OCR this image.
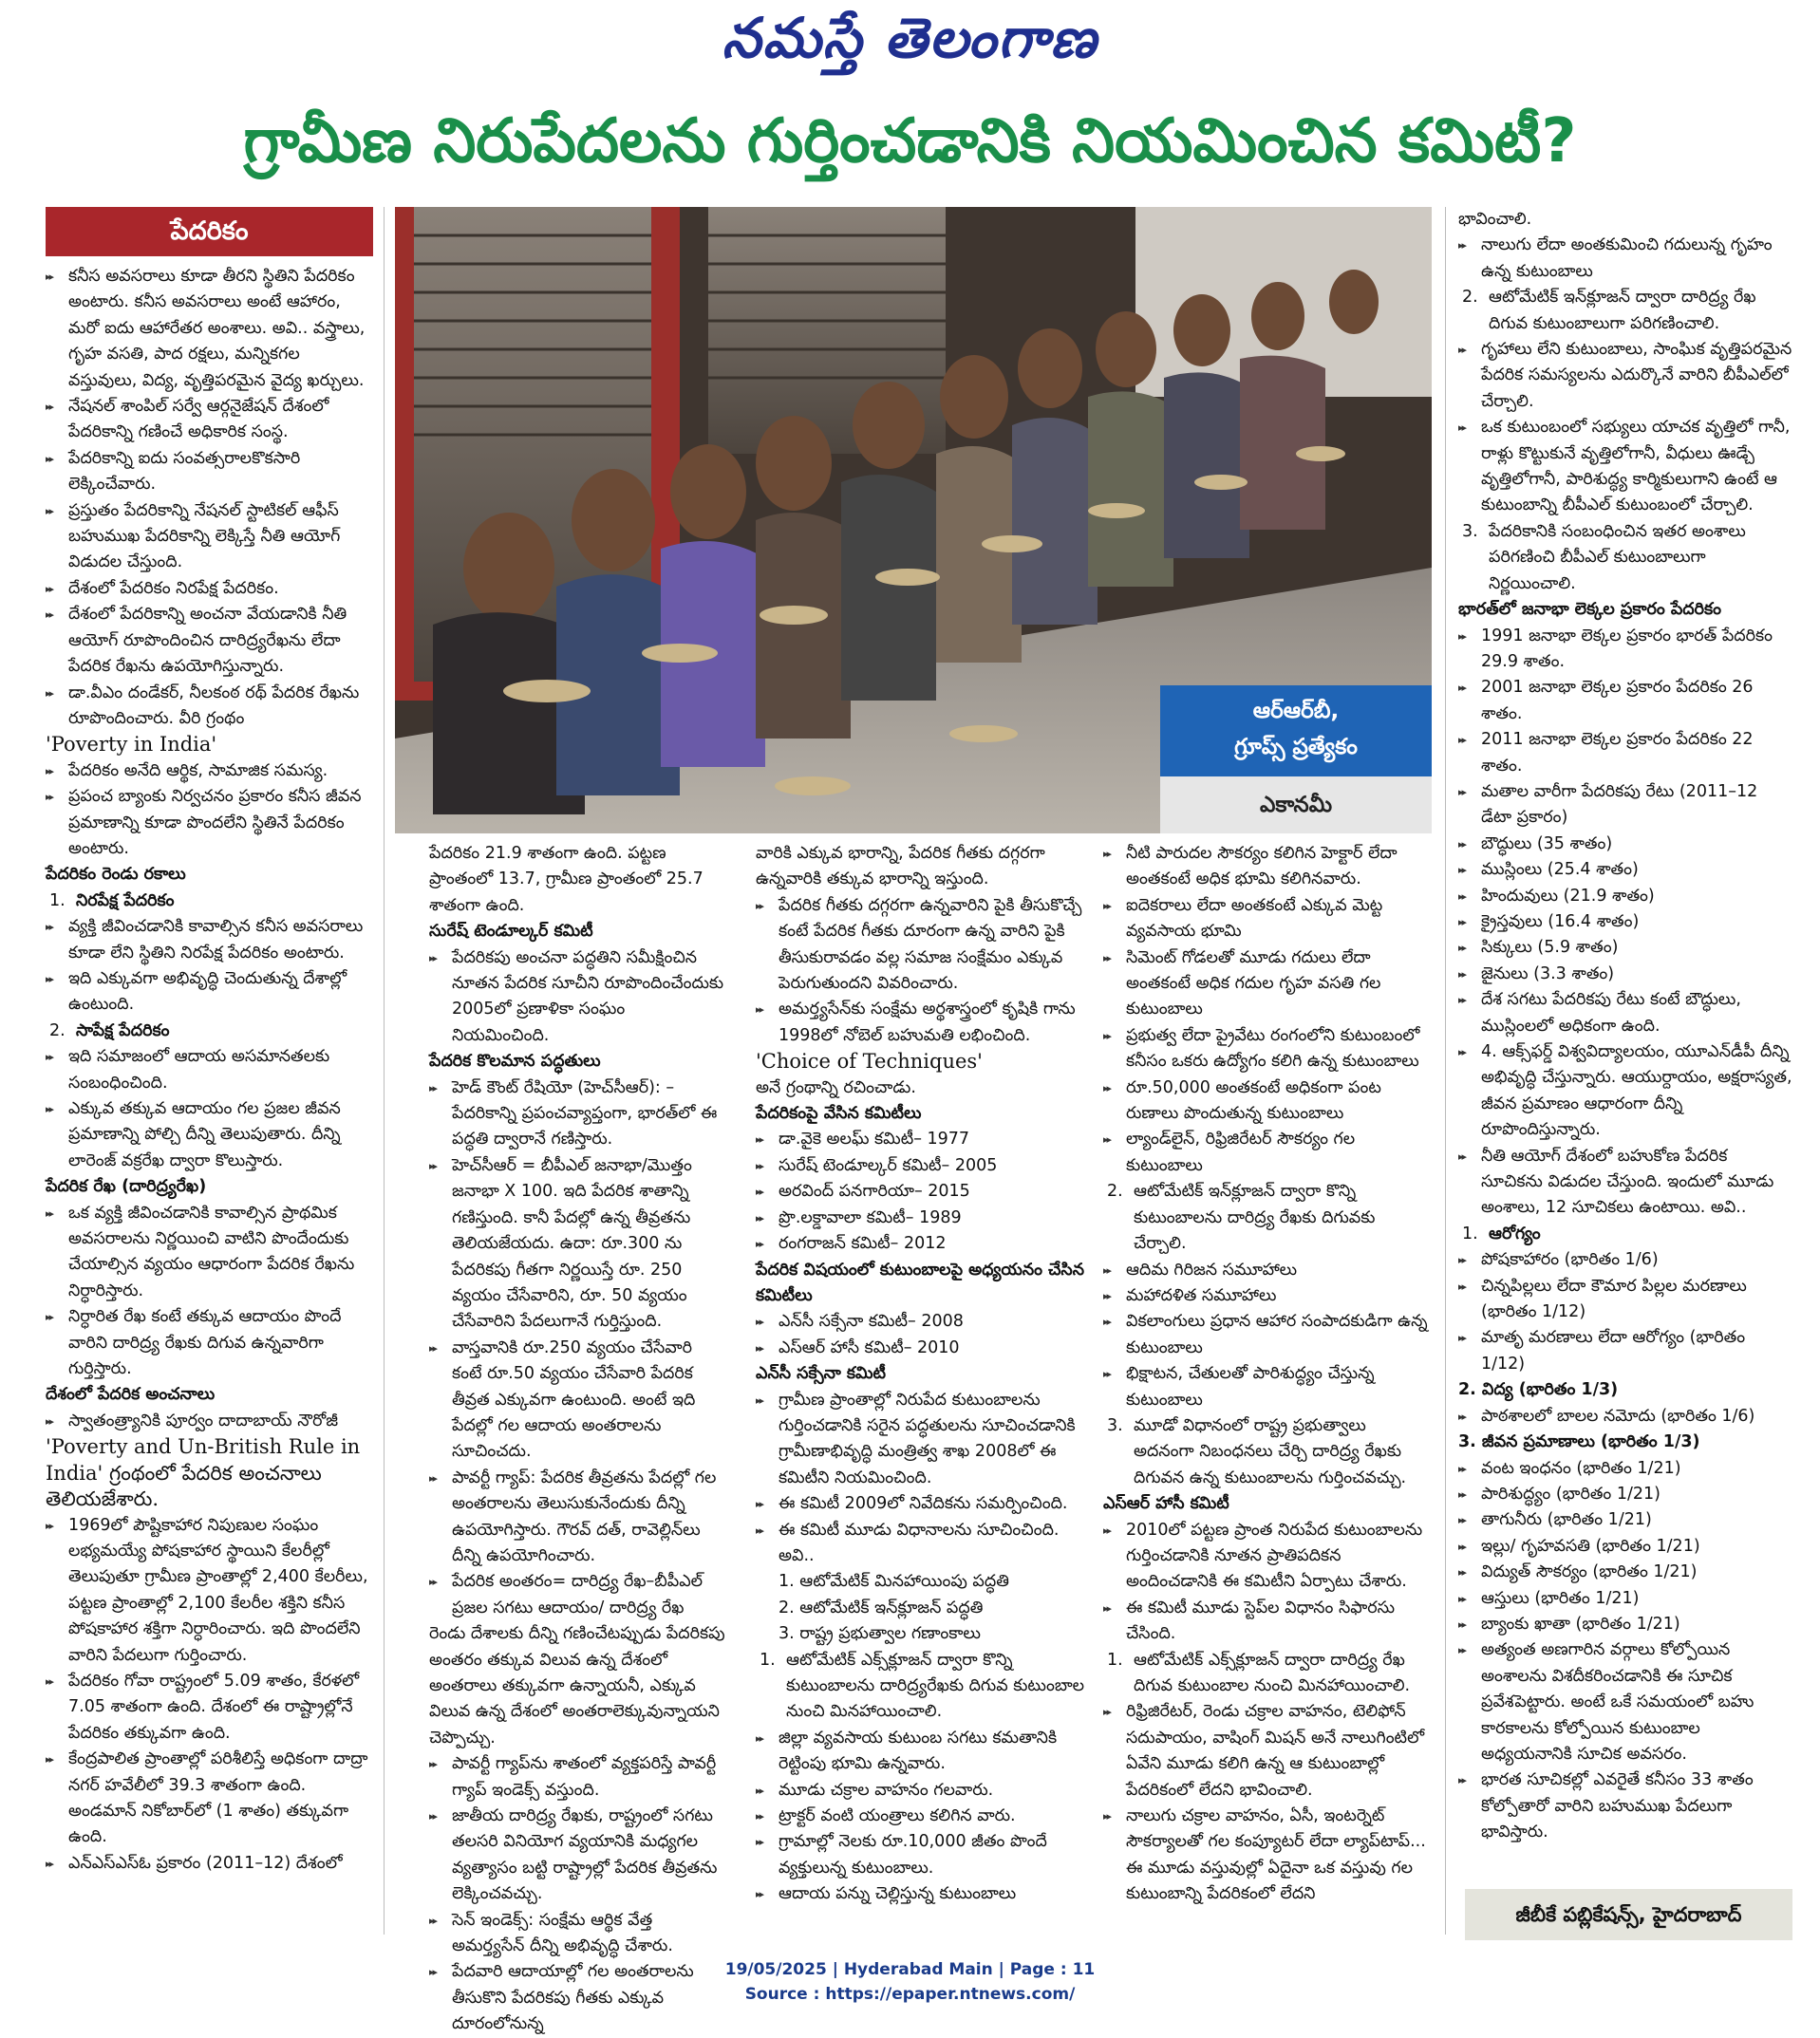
నమస్తే తెలంగాణ
గ్రామీణ నిరుపేదలను గుర్తించడానికి నియమించిన కమిటీ?
పేదరికం
▸▸ కనీస అవసరాలు కూడా తీరని స్థితిని పేదరికం అంటారు. కనీస అవసరాలు అంటే ఆహారం, మరో ఐదు ఆహారేతర అంశాలు. అవి.. వస్త్రాలు, గృహ వసతి, పాద రక్షలు, మన్నికగల వస్తువులు, విద్య, వృత్తిపరమైన వైద్య ఖర్చులు.
▸▸ నేషనల్ శాంపిల్ సర్వే ఆర్గనైజేషన్ దేశంలో పేదరికాన్ని గణించే అధికారిక సంస్థ.
▸▸ పేదరికాన్ని ఐదు సంవత్సరాలకొకసారి లెక్కించేవారు.
▸▸ ప్రస్తుతం పేదరికాన్ని నేషనల్ స్టాటికల్ ఆఫీస్ బహుముఖ పేదరికాన్ని లెక్కిస్తే నీతి ఆయోగ్ విడుదల చేస్తుంది.
▸▸ దేశంలో పేదరికం నిరపేక్ష పేదరికం.
▸▸ దేశంలో పేదరికాన్ని అంచనా వేయడానికి నీతి ఆయోగ్ రూపొందించిన దారిద్ర్యరేఖను లేదా పేదరిక రేఖను ఉపయోగిస్తున్నారు.
▸▸ డా.వీఎం దండేకర్, నీలకంఠ రథ్ పేదరిక రేఖను రూపొందించారు. వీరి గ్రంథం
'Poverty in India'
▸▸ పేదరికం అనేది ఆర్థిక, సామాజిక సమస్య.
▸▸ ప్రపంచ బ్యాంకు నిర్వచనం ప్రకారం కనీస జీవన ప్రమాణాన్ని కూడా పొందలేని స్థితినే పేదరికం అంటారు.
పేదరికం రెండు రకాలు
1. నిరపేక్ష పేదరికం
▸▸ వ్యక్తి జీవించడానికి కావాల్సిన కనీస అవసరాలు కూడా లేని స్థితిని నిరపేక్ష పేదరికం అంటారు.
▸▸ ఇది ఎక్కువగా అభివృద్ధి చెందుతున్న దేశాల్లో ఉంటుంది.
2. సాపేక్ష పేదరికం
▸▸ ఇది సమాజంలో ఆదాయ అసమానతలకు సంబంధించింది.
▸▸ ఎక్కువ తక్కువ ఆదాయం గల ప్రజల జీవన ప్రమాణాన్ని పోల్చి దీన్ని తెలుపుతారు. దీన్ని లారెంజ్ వక్రరేఖ ద్వారా కొలుస్తారు.
పేదరిక రేఖ (దారిద్ర్యరేఖ)
▸▸ ఒక వ్యక్తి జీవించడానికి కావాల్సిన ప్రాథమిక అవసరాలను నిర్ణయించి వాటిని పొందేందుకు చేయాల్సిన వ్యయం ఆధారంగా పేదరిక రేఖను నిర్ధారిస్తారు.
▸▸ నిర్ధారిత రేఖ కంటే తక్కువ ఆదాయం పొందే వారిని దారిద్ర్య రేఖకు దిగువ ఉన్నవారిగా గుర్తిస్తారు.
దేశంలో పేదరిక అంచనాలు
▸▸ స్వాతంత్ర్యానికి పూర్వం దాదాబాయ్ నౌరోజీ
'Poverty and Un-British Rule in India' గ్రంథంలో పేదరిక అంచనాలు తెలియజేశారు.
▸▸ 1969లో పౌష్టికాహార నిపుణుల సంఘం లభ్యమయ్యే పోషకాహార స్థాయిని కేలరీల్లో తెలుపుతూ గ్రామీణ ప్రాంతాల్లో 2,400 కేలరీలు, పట్టణ ప్రాంతాల్లో 2,100 కేలరీల శక్తిని కనీస పోషకాహార శక్తిగా నిర్ధారించారు. ఇది పొందలేని వారిని పేదలుగా గుర్తించారు.
▸▸ పేదరికం గోవా రాష్ట్రంలో 5.09 శాతం, కేరళలో 7.05 శాతంగా ఉంది. దేశంలో ఈ రాష్ట్రాల్లోనే పేదరికం తక్కువగా ఉంది.
▸▸ కేంద్రపాలిత ప్రాంతాల్లో పరిశీలిస్తే అధికంగా దాద్రా నగర్ హవేలీలో 39.3 శాతంగా ఉంది. అండమాన్ నికోబార్‌లో (1 శాతం) తక్కువగా ఉంది.
▸▸ ఎన్ఎస్ఎస్ఓ ప్రకారం (2011–12) దేశంలో
ఆర్ఆర్‌బీ,
గ్రూప్స్ ప్రత్యేకం
ఎకానమీ
పేదరికం 21.9 శాతంగా ఉంది. పట్టణ ప్రాంతంలో 13.7, గ్రామీణ ప్రాంతంలో 25.7 శాతంగా ఉంది.
సురేష్ టెండూల్కర్ కమిటీ
▸▸ పేదరికపు అంచనా పద్ధతిని సమీక్షించిన నూతన పేదరిక సూచీని రూపొందించేందుకు 2005లో ప్రణాళికా సంఘం నియమించింది.
పేదరిక కొలమాన పద్ధతులు
▸▸ హెడ్ కౌంట్ రేషియో (హెచ్‌సీఆర్): – పేదరికాన్ని ప్రపంచవ్యాప్తంగా, భారత్‌లో ఈ పద్ధతి ద్వారానే గణిస్తారు.
▸▸ హెచ్‌సీఆర్ = బీపీఎల్ జనాభా/మొత్తం జనాభా X 100. ఇది పేదరిక శాతాన్ని గణిస్తుంది. కానీ పేదల్లో ఉన్న తీవ్రతను తెలియజేయదు. ఉదా: రూ.300 ను పేదరికపు గీతగా నిర్ణయిస్తే రూ. 250 వ్యయం చేసేవారిని, రూ. 50 వ్యయం చేసేవారిని పేదలుగానే గుర్తిస్తుంది.
▸▸ వాస్తవానికి రూ.250 వ్యయం చేసేవారి కంటే రూ.50 వ్యయం చేసేవారి పేదరిక తీవ్రత ఎక్కువగా ఉంటుంది. అంటే ఇది పేదల్లో గల ఆదాయ అంతరాలను సూచించదు.
▸▸ పావర్టీ గ్యాప్: పేదరిక తీవ్రతను పేదల్లో గల అంతరాలను తెలుసుకునేందుకు దీన్ని ఉపయోగిస్తారు. గౌరవ్ దత్, రావెల్లిన్‌లు దీన్ని ఉపయోగించారు.
▸▸ పేదరిక అంతరం= దారిద్ర్య రేఖ–బీపీఎల్ ప్రజల సగటు ఆదాయం/ దారిద్ర్య రేఖ
రెండు దేశాలకు దీన్ని గణించేటప్పుడు పేదరికపు అంతరం తక్కువ విలువ ఉన్న దేశంలో అంతరాలు తక్కువగా ఉన్నాయనీ, ఎక్కువ విలువ ఉన్న దేశంలో అంతరాలెక్కువున్నాయని చెప్పొచ్చు.
▸▸ పావర్టీ గ్యాప్‌ను శాతంలో వ్యక్తపరిస్తే పావర్టీ గ్యాప్ ఇండెక్స్ వస్తుంది.
▸▸ జాతీయ దారిద్ర్య రేఖకు, రాష్ట్రంలో సగటు తలసరి వినియోగ వ్యయానికి మధ్యగల వ్యత్యాసం బట్టి రాష్ట్రాల్లో పేదరిక తీవ్రతను లెక్కించవచ్చు.
▸▸ సెన్ ఇండెక్స్: సంక్షేమ ఆర్థిక వేత్త అమర్త్యసేన్ దీన్ని అభివృద్ధి చేశారు.
▸▸ పేదవారి ఆదాయాల్లో గల అంతరాలను తీసుకొని పేదరికపు గీతకు ఎక్కువ దూరంలోనున్న
వారికి ఎక్కువ భారాన్ని, పేదరిక గీతకు దగ్గరగా ఉన్నవారికి తక్కువ భారాన్ని ఇస్తుంది.
▸▸ పేదరిక గీతకు దగ్గరగా ఉన్నవారిని పైకి తీసుకొచ్చే కంటే పేదరిక గీతకు దూరంగా ఉన్న వారిని పైకి తీసుకురావడం వల్ల సమాజ సంక్షేమం ఎక్కువ పెరుగుతుందని వివరించారు.
▸▸ అమర్త్యసేన్‌కు సంక్షేమ అర్థశాస్త్రంలో కృషికి గాను 1998లో నోబెల్ బహుమతి లభించింది.
'Choice of Techniques'
అనే గ్రంథాన్ని రచించాడు.
పేదరికంపై వేసిన కమిటీలు
▸▸ డా.వైకె అలఘ్ కమిటీ– 1977
▸▸ సురేష్ టెండూల్కర్ కమిటీ– 2005
▸▸ అరవింద్ పనగారియా– 2015
▸▸ ప్రొ.లక్డావాలా కమిటీ– 1989
▸▸ రంగరాజన్ కమిటీ– 2012
పేదరిక విషయంలో కుటుంబాలపై అధ్యయనం చేసిన కమిటీలు
▸▸ ఎన్‌సీ సక్సేనా కమిటీ– 2008
▸▸ ఎస్ఆర్ హాసీ కమిటీ– 2010
ఎన్‌సీ సక్సేనా కమిటీ
▸▸ గ్రామీణ ప్రాంతాల్లో నిరుపేద కుటుంబాలను గుర్తించడానికి సరైన పద్ధతులను సూచించడానికి గ్రామీణాభివృద్ధి మంత్రిత్వ శాఖ 2008లో ఈ కమిటీని నియమించింది.
▸▸ ఈ కమిటీ 2009లో నివేదికను సమర్పించింది.
▸▸ ఈ కమిటీ మూడు విధానాలను సూచించింది. అవి..
1. ఆటోమేటిక్ మినహాయింపు పద్ధతి
2. ఆటోమేటిక్ ఇన్‌క్లూజన్ పద్ధతి
3. రాష్ట్ర ప్రభుత్వాల గణాంకాలు
1. ఆటోమేటిక్ ఎక్స్‌క్లూజన్ ద్వారా కొన్ని కుటుంబాలను దారిద్ర్యరేఖకు దిగువ కుటుంబాల నుంచి మినహాయించాలి.
▸▸ జిల్లా వ్యవసాయ కుటుంబ సగటు కమతానికి రెట్టింపు భూమి ఉన్నవారు.
▸▸ మూడు చక్రాల వాహనం గలవారు.
▸▸ ట్రాక్టర్ వంటి యంత్రాలు కలిగిన వారు.
▸▸ గ్రామాల్లో నెలకు రూ.10,000 జీతం పొందే వ్యక్తులున్న కుటుంబాలు.
▸▸ ఆదాయ పన్ను చెల్లిస్తున్న కుటుంబాలు
▸▸ నీటి పారుదల సౌకర్యం కలిగిన హెక్టార్ లేదా అంతకంటే అధిక భూమి కలిగినవారు.
▸▸ ఐదెకరాలు లేదా అంతకంటే ఎక్కువ మెట్ట వ్యవసాయ భూమి
▸▸ సిమెంట్ గోడలతో మూడు గదులు లేదా అంతకంటే అధిక గదుల గృహ వసతి గల కుటుంబాలు
▸▸ ప్రభుత్వ లేదా ప్రైవేటు రంగంలోని కుటుంబంలో కనీసం ఒకరు ఉద్యోగం కలిగి ఉన్న కుటుంబాలు
▸▸ రూ.50,000 అంతకంటే అధికంగా పంట రుణాలు పొందుతున్న కుటుంబాలు
▸▸ ల్యాండ్‌లైన్, రిఫ్రిజిరేటర్ సౌకర్యం గల కుటుంబాలు
2. ఆటోమేటిక్ ఇన్‌క్లూజన్ ద్వారా కొన్ని కుటుంబాలను దారిద్ర్య రేఖకు దిగువకు చేర్చాలి.
▸▸ ఆదిమ గిరిజన సమూహాలు
▸▸ మహాదళిత సమూహాలు
▸▸ వికలాంగులు ప్రధాన ఆహార సంపాదకుడిగా ఉన్న కుటుంబాలు
▸▸ భిక్షాటన, చేతులతో పారిశుద్ధ్యం చేస్తున్న కుటుంబాలు
3. మూడో విధానంలో రాష్ట్ర ప్రభుత్వాలు అదనంగా నిబంధనలు చేర్చి దారిద్ర్య రేఖకు దిగువన ఉన్న కుటుంబాలను గుర్తించవచ్చు.
ఎస్ఆర్ హాసీ కమిటీ
▸▸ 2010లో పట్టణ ప్రాంత నిరుపేద కుటుంబాలను గుర్తించడానికి నూతన ప్రాతిపదికన అందించడానికి ఈ కమిటీని ఏర్పాటు చేశారు.
▸▸ ఈ కమిటీ మూడు స్టెప్‌ల విధానం సిఫారసు చేసింది.
1. ఆటోమేటిక్ ఎక్స్‌క్లూజన్ ద్వారా దారిద్ర్య రేఖ దిగువ కుటుంబాల నుంచి మినహాయించాలి.
▸▸ రిఫ్రిజిరేటర్, రెండు చక్రాల వాహనం, టెలిఫోన్ సదుపాయం, వాషింగ్ మిషన్ అనే నాలుగింటిలో ఏవేని మూడు కలిగి ఉన్న ఆ కుటుంబాల్లో పేదరికంలో లేదని భావించాలి.
▸▸ నాలుగు చక్రాల వాహనం, ఏసీ, ఇంటర్నెట్ సౌకర్యాలతో గల కంప్యూటర్ లేదా ల్యాప్‌టాప్... ఈ మూడు వస్తువుల్లో ఏదైనా ఒక వస్తువు గల కుటుంబాన్ని పేదరికంలో లేదని
భావించాలి.
▸▸ నాలుగు లేదా అంతకుమించి గదులున్న గృహం ఉన్న కుటుంబాలు
2. ఆటోమేటిక్ ఇన్‌క్లూజన్ ద్వారా దారిద్ర్య రేఖ దిగువ కుటుంబాలుగా పరిగణించాలి.
▸▸ గృహాలు లేని కుటుంబాలు, సాంఘిక వృత్తిపరమైన పేదరిక సమస్యలను ఎదుర్కొనే వారిని బీపీఎల్‌లో చేర్చాలి.
▸▸ ఒక కుటుంబంలో సభ్యులు యాచక వృత్తిలో గానీ, రాళ్లు కొట్టుకునే వృత్తిలోగానీ, వీధులు ఊడ్చే వృత్తిలోగానీ, పారిశుద్ధ్య కార్మికులుగాని ఉంటే ఆ కుటుంబాన్ని బీపీఎల్ కుటుంబంలో చేర్చాలి.
3. పేదరికానికి సంబంధించిన ఇతర అంశాలు పరిగణించి బీపీఎల్ కుటుంబాలుగా నిర్ణయించాలి.
భారత్‌లో జనాభా లెక్కల ప్రకారం పేదరికం
▸▸ 1991 జనాభా లెక్కల ప్రకారం భారత్ పేదరికం 29.9 శాతం.
▸▸ 2001 జనాభా లెక్కల ప్రకారం పేదరికం 26 శాతం.
▸▸ 2011 జనాభా లెక్కల ప్రకారం పేదరికం 22 శాతం.
▸▸ మతాల వారీగా పేదరికపు రేటు (2011–12 డేటా ప్రకారం)
▸▸ బౌద్ధులు (35 శాతం)
▸▸ ముస్లింలు (25.4 శాతం)
▸▸ హిందువులు (21.9 శాతం)
▸▸ క్రైస్తవులు (16.4 శాతం)
▸▸ సిక్కులు (5.9 శాతం)
▸▸ జైనులు (3.3 శాతం)
▸▸ దేశ సగటు పేదరికపు రేటు కంటే బౌద్ధులు, ముస్లింలలో అధికంగా ఉంది.
▸▸ 4. ఆక్స్‌ఫర్డ్ విశ్వవిద్యాలయం, యూఎన్‌డీపీ దీన్ని అభివృద్ధి చేస్తున్నారు. ఆయుర్దాయం, అక్షరాస్యత, జీవన ప్రమాణం ఆధారంగా దీన్ని రూపొందిస్తున్నారు.
▸▸ నీతి ఆయోగ్ దేశంలో బహుకోణ పేదరిక సూచికను విడుదల చేస్తుంది. ఇందులో మూడు అంశాలు, 12 సూచికలు ఉంటాయి. అవి..
1. ఆరోగ్యం
▸▸ పోషకాహారం (భారితం 1/6)
▸▸ చిన్నపిల్లలు లేదా కౌమార పిల్లల మరణాలు (భారితం 1/12)
▸▸ మాతృ మరణాలు లేదా ఆరోగ్యం (భారితం 1/12)
2. విద్య (భారితం 1/3)
▸▸ పాఠశాలలో బాలల నమోదు (భారితం 1/6)
3. జీవన ప్రమాణాలు (భారితం 1/3)
▸▸ వంట ఇంధనం (భారితం 1/21)
▸▸ పారిశుద్ధ్యం (భారితం 1/21)
▸▸ తాగునీరు (భారితం 1/21)
▸▸ ఇల్లు/ గృహవసతి (భారితం 1/21)
▸▸ విద్యుత్ సౌకర్యం (భారితం 1/21)
▸▸ ఆస్తులు (భారితం 1/21)
▸▸ బ్యాంకు ఖాతా (భారితం 1/21)
▸▸ అత్యంత అణగారిన వర్గాలు కోల్పోయిన అంశాలను విశదీకరించడానికి ఈ సూచిక ప్రవేశపెట్టారు. అంటే ఒకే సమయంలో బహు కారకాలను కోల్పోయిన కుటుంబాల అధ్యయనానికి సూచిక అవసరం.
▸▸ భారత సూచికల్లో ఎవరైతే కనీసం 33 శాతం కోల్పోతారో వారిని బహుముఖ పేదలుగా భావిస్తారు.
జీబీకే పబ్లికేషన్స్, హైదరాబాద్
19/05/2025 | Hyderabad Main | Page : 11
Source : https://epaper.ntnews.com/
